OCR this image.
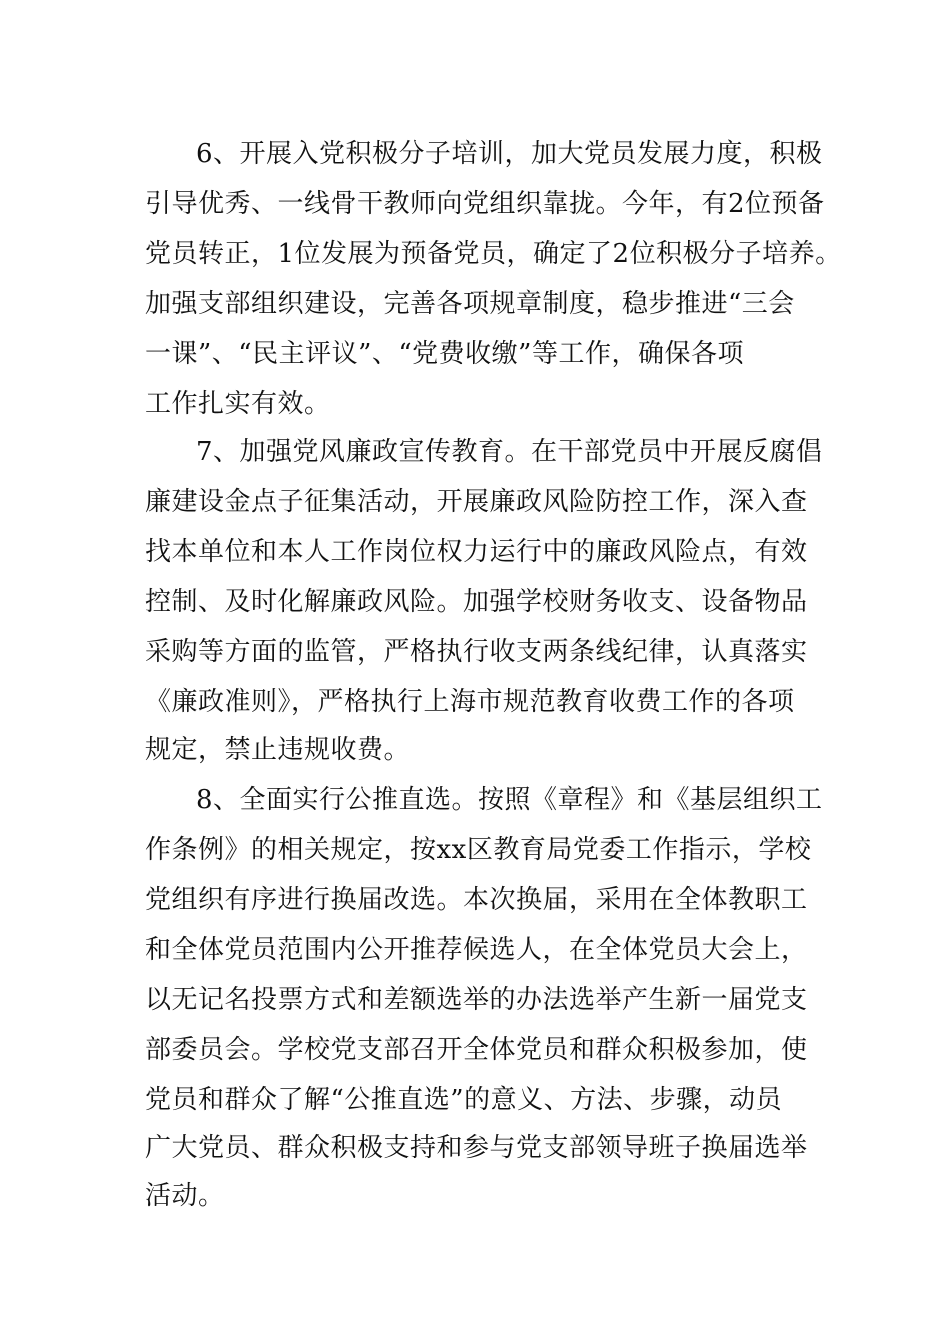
6、开展入党积极分子培训，加大党员发展力度，积极
引导优秀、一线骨干教师向党组织靠拢。今年，有2位预备
党员转正，1位发展为预备党员，确定了2位积极分子培养。
加强支部组织建设，完善各项规章制度，稳步推进“三会
一课”、“民主评议”、“党费收缴”等工作，确保各项
工作扎实有效。
7、加强党风廉政宣传教育。在干部党员中开展反腐倡
廉建设金点子征集活动，开展廉政风险防控工作，深入查
找本单位和本人工作岗位权力运行中的廉政风险点，有效
控制、及时化解廉政风险。加强学校财务收支、设备物品
采购等方面的监管，严格执行收支两条线纪律，认真落实
《廉政准则》，严格执行上海市规范教育收费工作的各项
规定，禁止违规收费。
8、全面实行公推直选。按照《章程》和《基层组织工
作条例》的相关规定，按xx区教育局党委工作指示，学校
党组织有序进行换届改选。本次换届，采用在全体教职工
和全体党员范围内公开推荐候选人，在全体党员大会上，
以无记名投票方式和差额选举的办法选举产生新一届党支
部委员会。学校党支部召开全体党员和群众积极参加，使
党员和群众了解“公推直选”的意义、方法、步骤，动员
广大党员、群众积极支持和参与党支部领导班子换届选举
活动。
